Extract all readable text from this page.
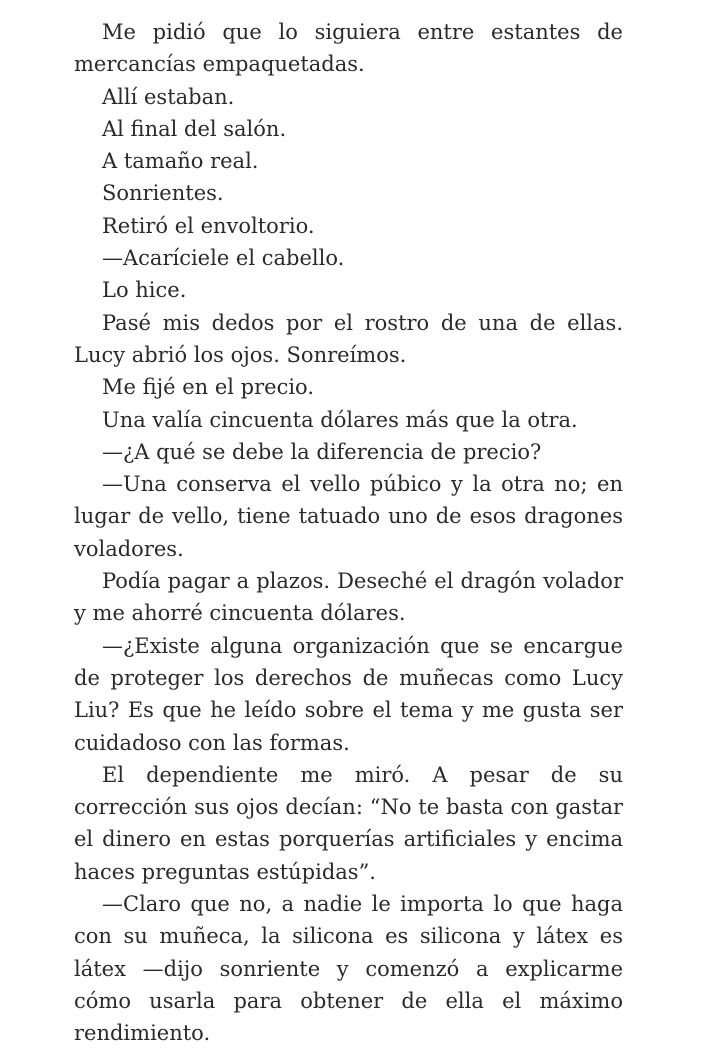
Me pidió que lo siguiera entre estantes de mercancías empaquetadas.

Allí estaban.

Al final del salón.

A tamaño real.

Sonrientes.

Retiró el envoltorio.

—Acaríciele el cabello.

Lo hice.

Pasé mis dedos por el rostro de una de ellas. Lucy abrió los ojos. Sonreímos.

Me fijé en el precio.

Una valía cincuenta dólares más que la otra.

—¿A qué se debe la diferencia de precio?

—Una conserva el vello púbico y la otra no; en lugar de vello, tiene tatuado uno de esos dragones voladores.

Podía pagar a plazos. Deseché el dragón volador y me ahorré cincuenta dólares.

—¿Existe alguna organización que se encargue de proteger los derechos de muñecas como Lucy Liu? Es que he leído sobre el tema y me gusta ser cuidadoso con las formas.

El dependiente me miró. A pesar de su corrección sus ojos decían: “No te basta con gastar el dinero en estas porquerías artificiales y encima haces preguntas estúpidas”.

—Claro que no, a nadie le importa lo que haga con su muñeca, la silicona es silicona y látex es látex —dijo sonriente y comenzó a explicarme cómo usarla para obtener de ella el máximo rendimiento.
